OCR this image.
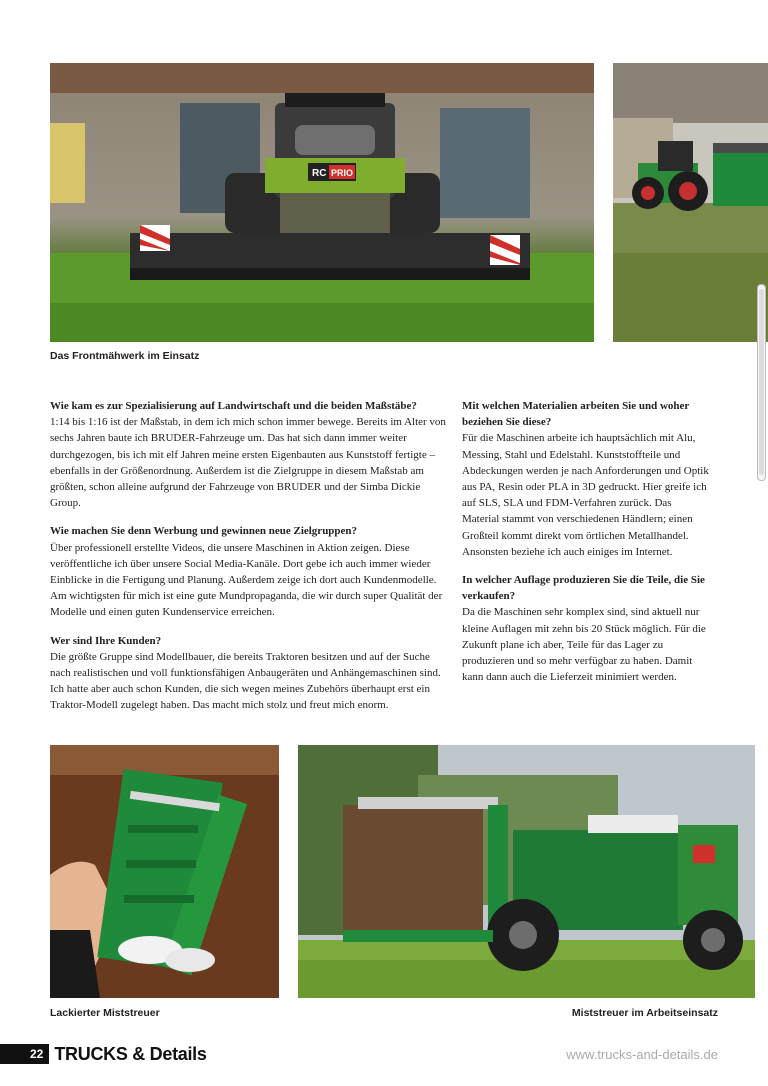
RC PRIO
Das Frontmähwerk im Einsatz

Wie kam es zur Spezialisierung auf Landwirtschaft und die beiden Maßstäbe?
1:14 bis 1:16 ist der Maßstab, in dem ich mich schon immer bewege. Bereits im Alter von sechs Jahren baute ich BRUDER-Fahrzeuge um. Das hat sich dann immer weiter durchgezogen, bis ich mit elf Jahren meine ersten Eigenbauten aus Kunststoff fertigte – ebenfalls in der Größenordnung. Außerdem ist die Zielgruppe in diesem Maßstab am größten, schon alleine aufgrund der Fahrzeuge von BRUDER und der Simba Dickie Group.

Wie machen Sie denn Werbung und gewinnen neue Zielgruppen?
Über professionell erstellte Videos, die unsere Maschinen in Aktion zeigen. Diese veröffentliche ich über unsere Social Media-Kanäle. Dort gebe ich auch immer wieder Einblicke in die Fertigung und Planung. Außerdem zeige ich dort auch Kundenmodelle. Am wichtigsten für mich ist eine gute Mundpropaganda, die wir durch super Qualität der Modelle und einen guten Kundenservice erreichen.

Wer sind Ihre Kunden?
Die größte Gruppe sind Modellbauer, die bereits Traktoren besitzen und auf der Suche nach realistischen und voll funktionsfähigen Anbaugeräten und Anhängemaschinen sind. Ich hatte aber auch schon Kunden, die sich wegen meines Zubehörs überhaupt erst ein Traktor-Modell zugelegt haben. Das macht mich stolz und freut mich enorm.

Mit welchen Materialien arbeiten Sie und woher beziehen Sie diese?
Für die Maschinen arbeite ich hauptsächlich mit Alu, Messing, Stahl und Edelstahl. Kunststoffteile und Abdeckungen werden je nach Anforderungen und Optik aus PA, Resin oder PLA in 3D gedruckt. Hier greife ich auf SLS, SLA und FDM-Verfahren zurück. Das Material stammt von verschiedenen Händlern; einen Großteil kommt direkt vom örtlichen Metallhandel. Ansonsten beziehe ich auch einiges im Internet.

In welcher Auflage produzieren Sie die Teile, die Sie verkaufen?
Da die Maschinen sehr komplex sind, sind aktuell nur kleine Auflagen mit zehn bis 20 Stück möglich. Für die Zukunft plane ich aber, Teile für das Lager zu produzieren und so mehr verfügbar zu haben. Damit kann dann auch die Lieferzeit minimiert werden.

Lackierter Miststreuer	Miststreuer im Arbeitseinsatz
22 TRUCKS & Details	www.trucks-and-details.de
